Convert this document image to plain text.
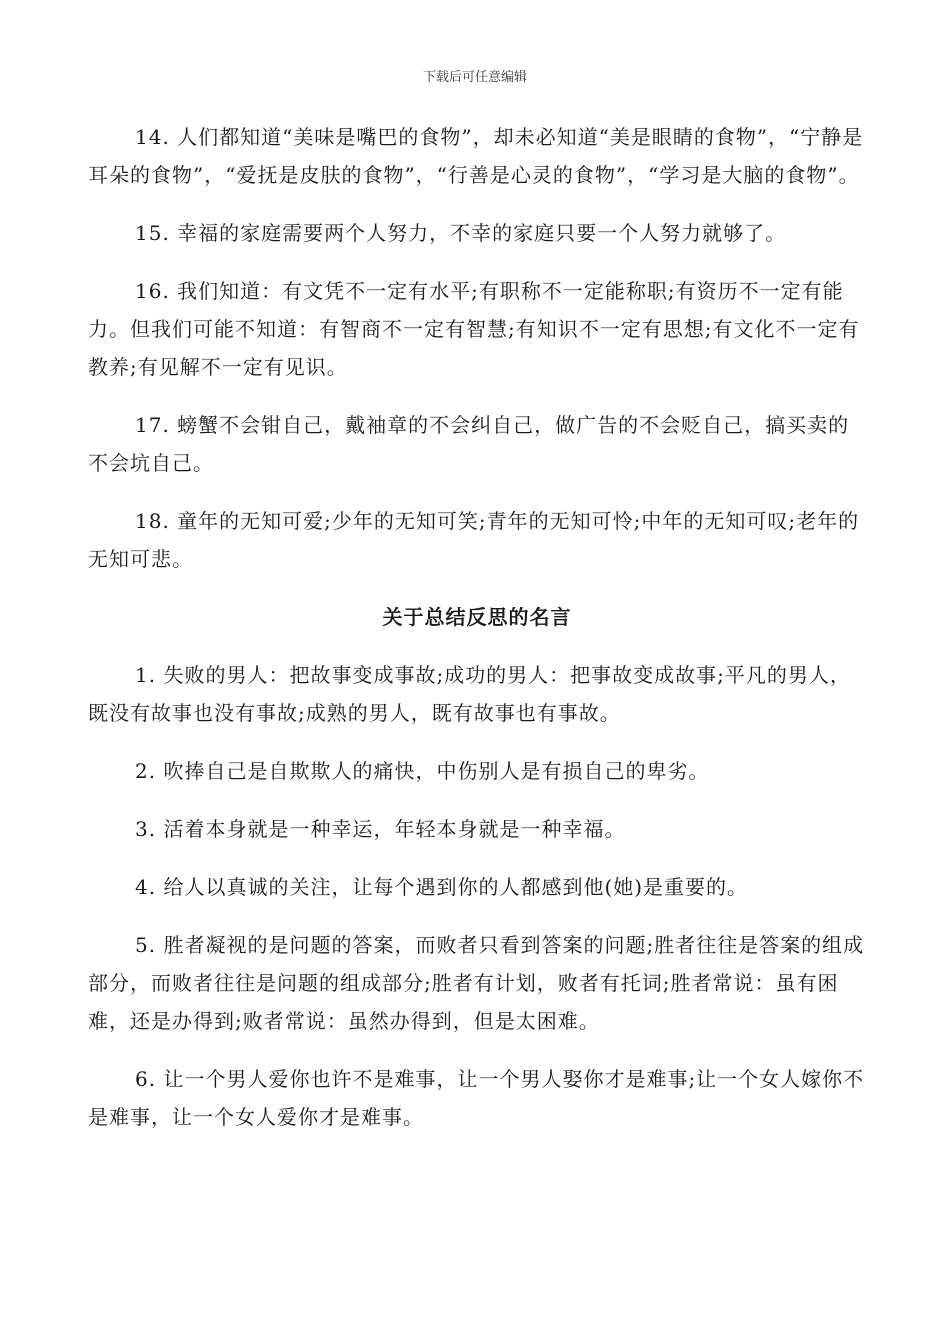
下载后可任意编辑

14. 人们都知道“美味是嘴巴的食物”，却未必知道“美是眼睛的食物”，“宁静是耳朵的食物”，“爱抚是皮肤的食物”，“行善是心灵的食物”，“学习是大脑的食物”。

15. 幸福的家庭需要两个人努力，不幸的家庭只要一个人努力就够了。

16. 我们知道：有文凭不一定有水平;有职称不一定能称职;有资历不一定有能力。但我们可能不知道：有智商不一定有智慧;有知识不一定有思想;有文化不一定有教养;有见解不一定有见识。

17. 螃蟹不会钳自己，戴袖章的不会纠自己，做广告的不会贬自己，搞买卖的不会坑自己。

18. 童年的无知可爱;少年的无知可笑;青年的无知可怜;中年的无知可叹;老年的无知可悲。

关于总结反思的名言

1. 失败的男人：把故事变成事故;成功的男人：把事故变成故事;平凡的男人，既没有故事也没有事故;成熟的男人，既有故事也有事故。

2. 吹捧自己是自欺欺人的痛快，中伤别人是有损自己的卑劣。

3. 活着本身就是一种幸运，年轻本身就是一种幸福。

4. 给人以真诚的关注，让每个遇到你的人都感到他(她)是重要的。

5. 胜者凝视的是问题的答案，而败者只看到答案的问题;胜者往往是答案的组成部分，而败者往往是问题的组成部分;胜者有计划，败者有托词;胜者常说：虽有困难，还是办得到;败者常说：虽然办得到，但是太困难。

6. 让一个男人爱你也许不是难事，让一个男人娶你才是难事;让一个女人嫁你不是难事，让一个女人爱你才是难事。
